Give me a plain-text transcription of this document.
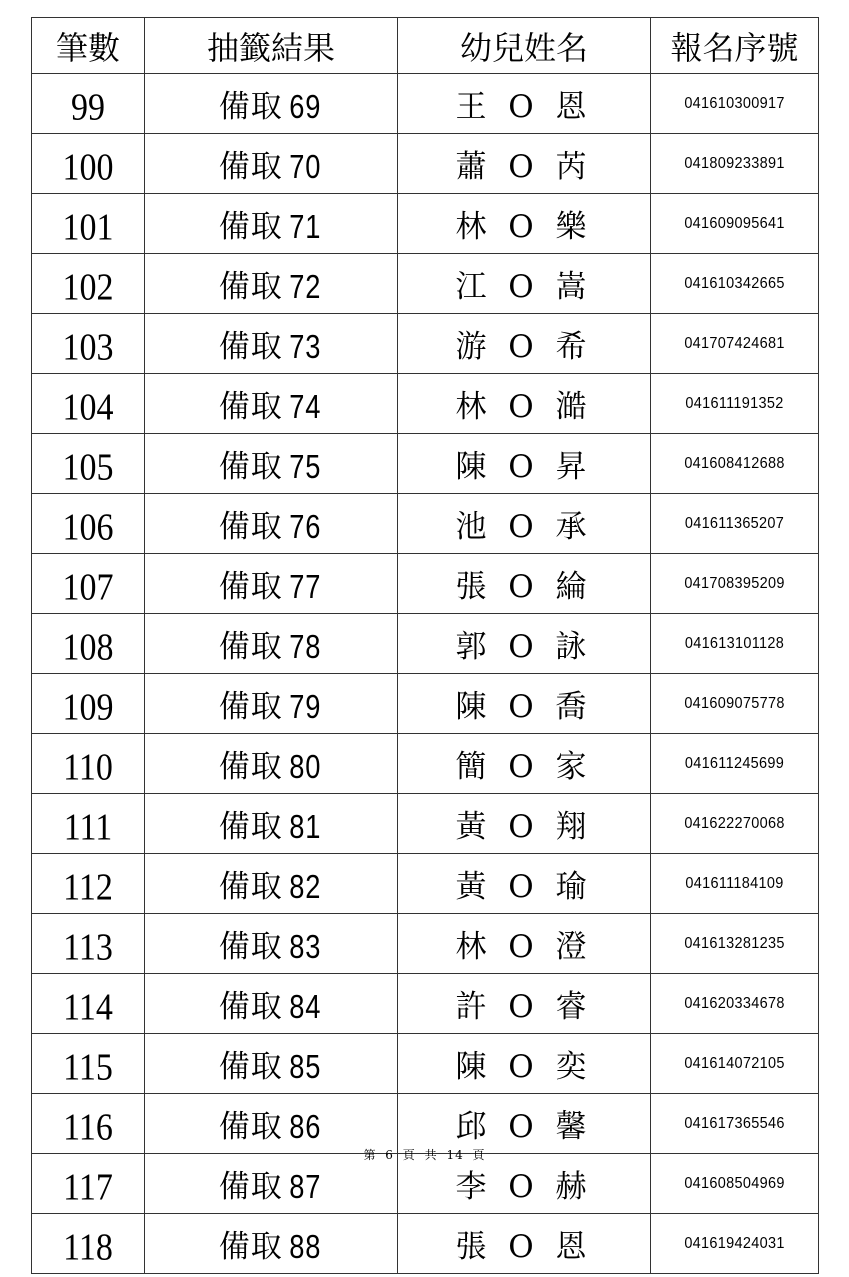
筆數	抽籤結果	幼兒姓名	報名序號
99	備取 69	王 O 恩	041610300917
100	備取 70	蕭 O 芮	041809233891
101	備取 71	林 O 樂	041609095641
102	備取 72	江 O 嵩	041610342665
103	備取 73	游 O 希	041707424681
104	備取 74	林 O 澔	041611191352
105	備取 75	陳 O 昇	041608412688
106	備取 76	池 O 承	041611365207
107	備取 77	張 O 綸	041708395209
108	備取 78	郭 O 詠	041613101128
109	備取 79	陳 O 喬	041609075778
110	備取 80	簡 O 家	041611245699
111	備取 81	黃 O 翔	041622270068
112	備取 82	黃 O 瑜	041611184109
113	備取 83	林 O 澄	041613281235
114	備取 84	許 O 睿	041620334678
115	備取 85	陳 O 奕	041614072105
116	備取 86	邱 O 馨	041617365546
117	備取 87	李 O 赫	041608504969
118	備取 88	張 O 恩	041619424031
第 6 頁 共 14 頁
